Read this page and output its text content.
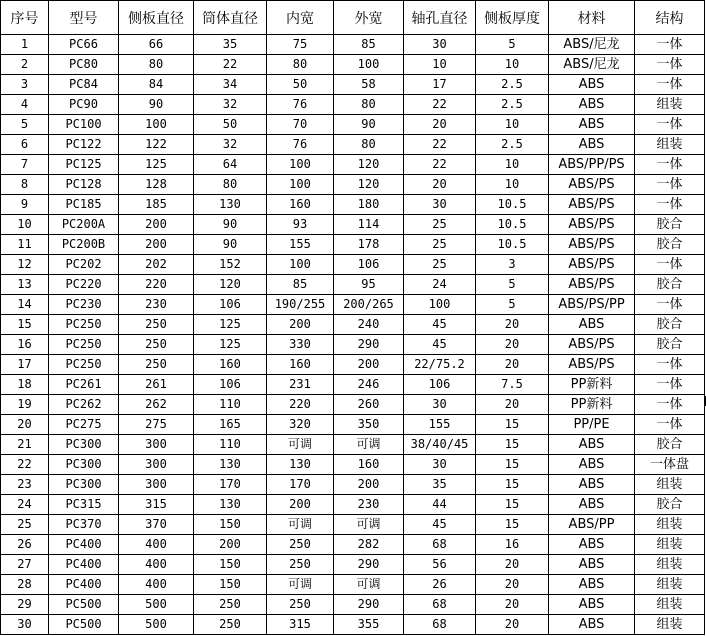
序号	型号	侧板直径	筒体直径	内宽	外宽	轴孔直径	侧板厚度	材料	结构
1	PC66	66	35	75	85	30	5	ABS/尼龙	一体
2	PC80	80	22	80	100	10	10	ABS/尼龙	一体
3	PC84	84	34	50	58	17	2.5	ABS	一体
4	PC90	90	32	76	80	22	2.5	ABS	组装
5	PC100	100	50	70	90	20	10	ABS	一体
6	PC122	122	32	76	80	22	2.5	ABS	组装
7	PC125	125	64	100	120	22	10	ABS/PP/PS	一体
8	PC128	128	80	100	120	20	10	ABS/PS	一体
9	PC185	185	130	160	180	30	10.5	ABS/PS	一体
10	PC200A	200	90	93	114	25	10.5	ABS/PS	胶合
11	PC200B	200	90	155	178	25	10.5	ABS/PS	胶合
12	PC202	202	152	100	106	25	3	ABS/PS	一体
13	PC220	220	120	85	95	24	5	ABS/PS	胶合
14	PC230	230	106	190/255	200/265	100	5	ABS/PS/PP	一体
15	PC250	250	125	200	240	45	20	ABS	胶合
16	PC250	250	125	330	290	45	20	ABS/PS	胶合
17	PC250	250	160	160	200	22/75.2	20	ABS/PS	一体
18	PC261	261	106	231	246	106	7.5	PP新料	一体
19	PC262	262	110	220	260	30	20	PP新料	一体
20	PC275	275	165	320	350	155	15	PP/PE	一体
21	PC300	300	110	可调	可调	38/40/45	15	ABS	胶合
22	PC300	300	130	130	160	30	15	ABS	一体盘
23	PC300	300	170	170	200	35	15	ABS	组装
24	PC315	315	130	200	230	44	15	ABS	胶合
25	PC370	370	150	可调	可调	45	15	ABS/PP	组装
26	PC400	400	200	250	282	68	16	ABS	组装
27	PC400	400	150	250	290	56	20	ABS	组装
28	PC400	400	150	可调	可调	26	20	ABS	组装
29	PC500	500	250	250	290	68	20	ABS	组装
30	PC500	500	250	315	355	68	20	ABS	组装
